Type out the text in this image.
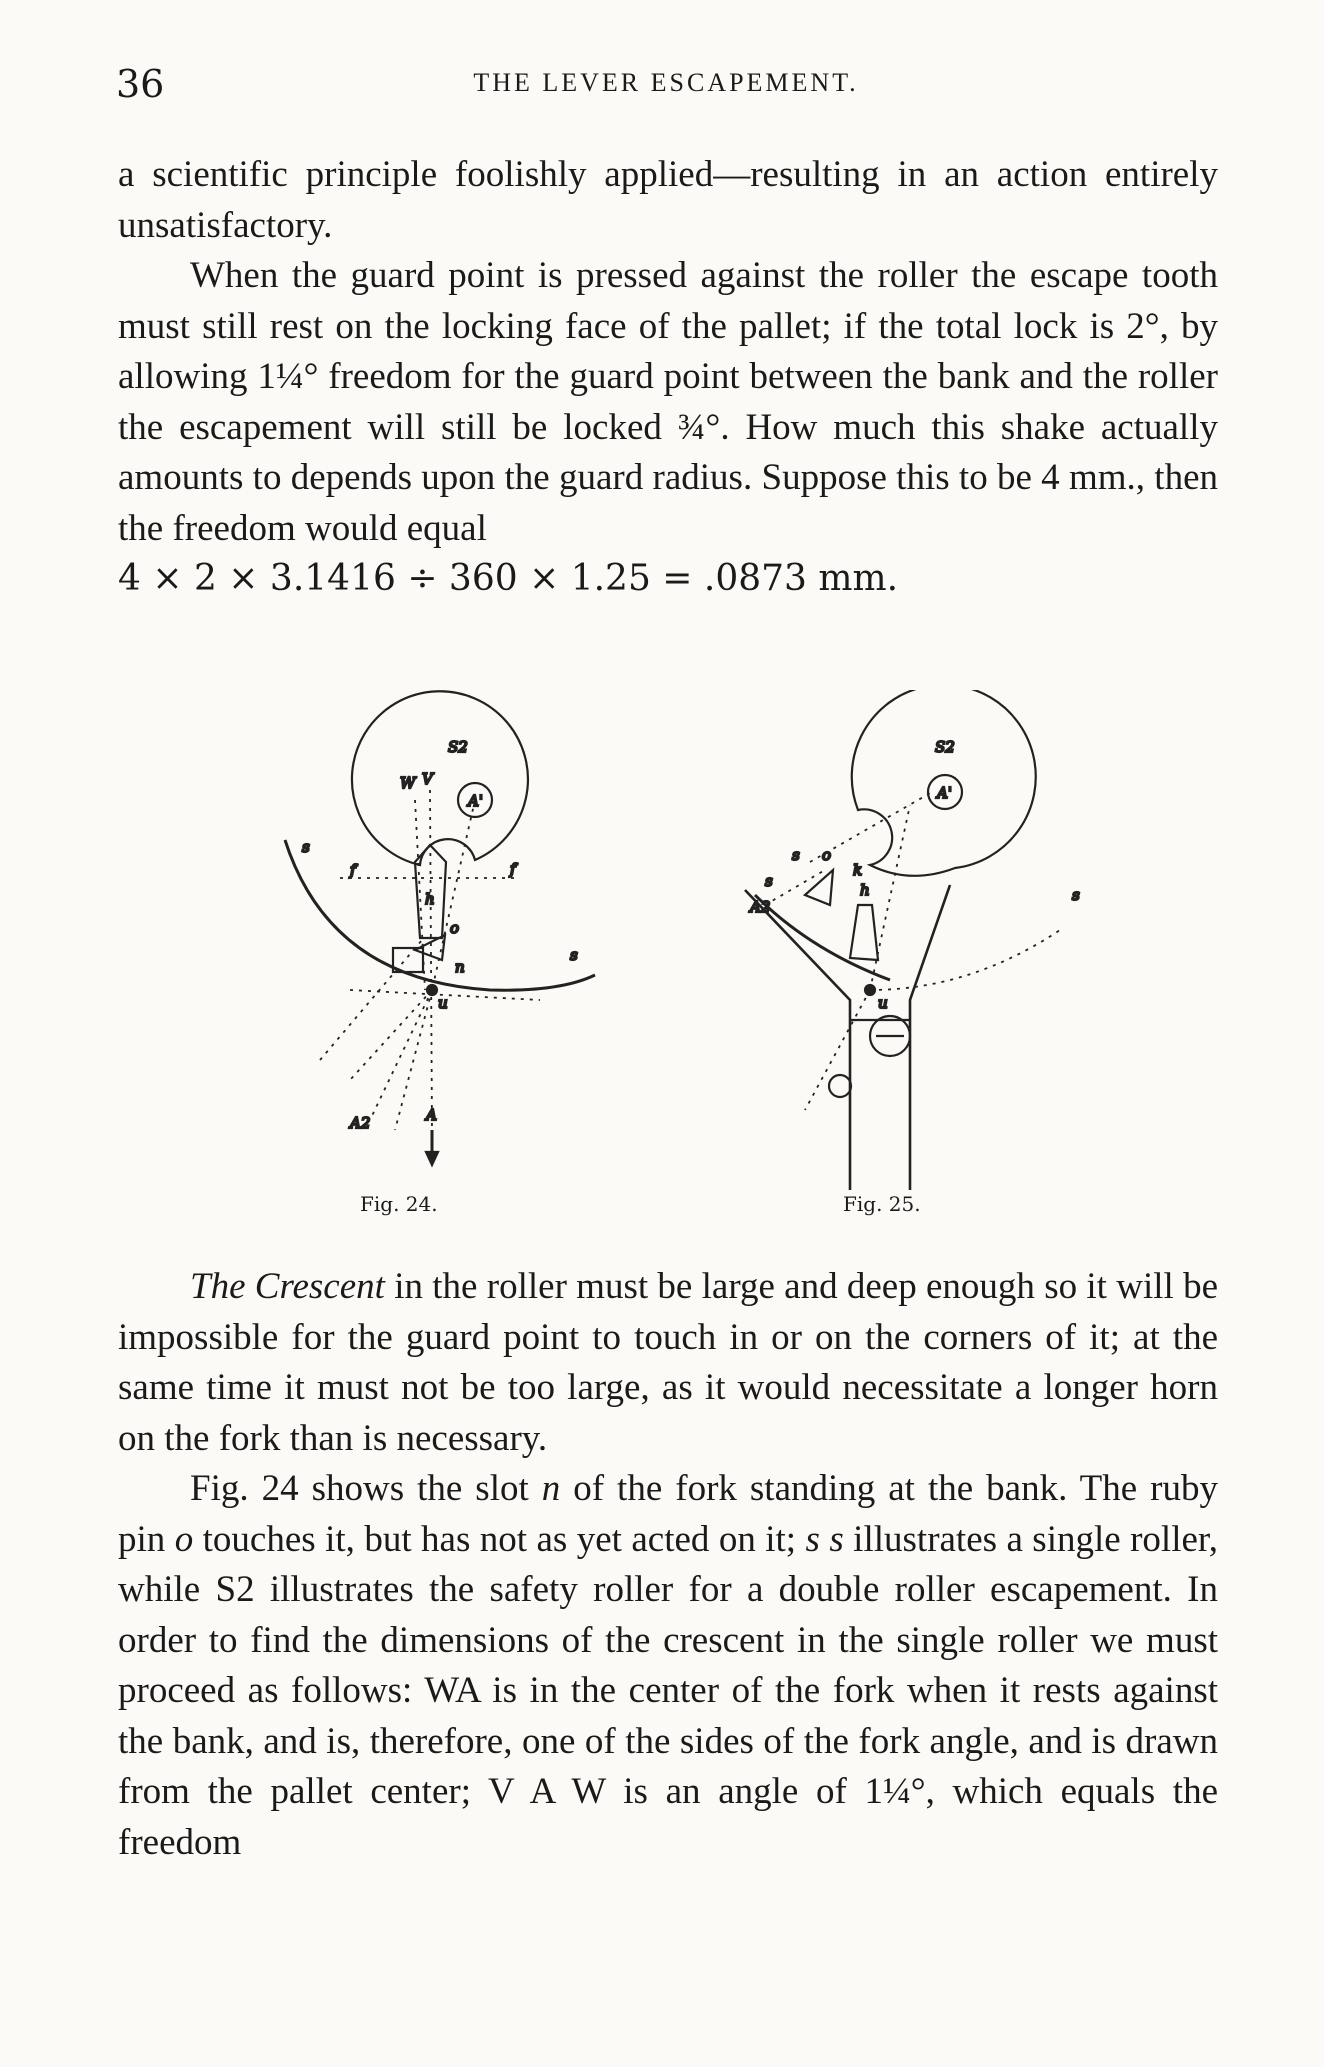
36	THE LEVER ESCAPEMENT.

a scientific principle foolishly applied—resulting in an action entirely unsatisfactory.

When the guard point is pressed against the roller the escape tooth must still rest on the locking face of the pallet; if the total lock is 2°, by allowing 1¼° freedom for the guard point between the bank and the roller the escapement will still be locked ¾°. How much this shake actually amounts to depends upon the guard radius. Suppose this to be 4 mm., then the freedom would equal

4 × 2 × 3.1416 ÷ 360 × 1.25 = .0873 mm.

S2
A'
W V
f	f
h
o
n
s
s
u
A2	A
S2
A'
s o
k
h
s
A2
u
s
Fig. 24.	Fig. 25.

The Crescent in the roller must be large and deep enough so it will be impossible for the guard point to touch in or on the corners of it; at the same time it must not be too large, as it would necessitate a longer horn on the fork than is necessary.

Fig. 24 shows the slot n of the fork standing at the bank. The ruby pin o touches it, but has not as yet acted on it; s s illustrates a single roller, while S2 illustrates the safety roller for a double roller escapement. In order to find the dimensions of the crescent in the single roller we must proceed as follows: WA is in the center of the fork when it rests against the bank, and is, therefore, one of the sides of the fork angle, and is drawn from the pallet center; V A W is an angle of 1¼°, which equals the freedom
